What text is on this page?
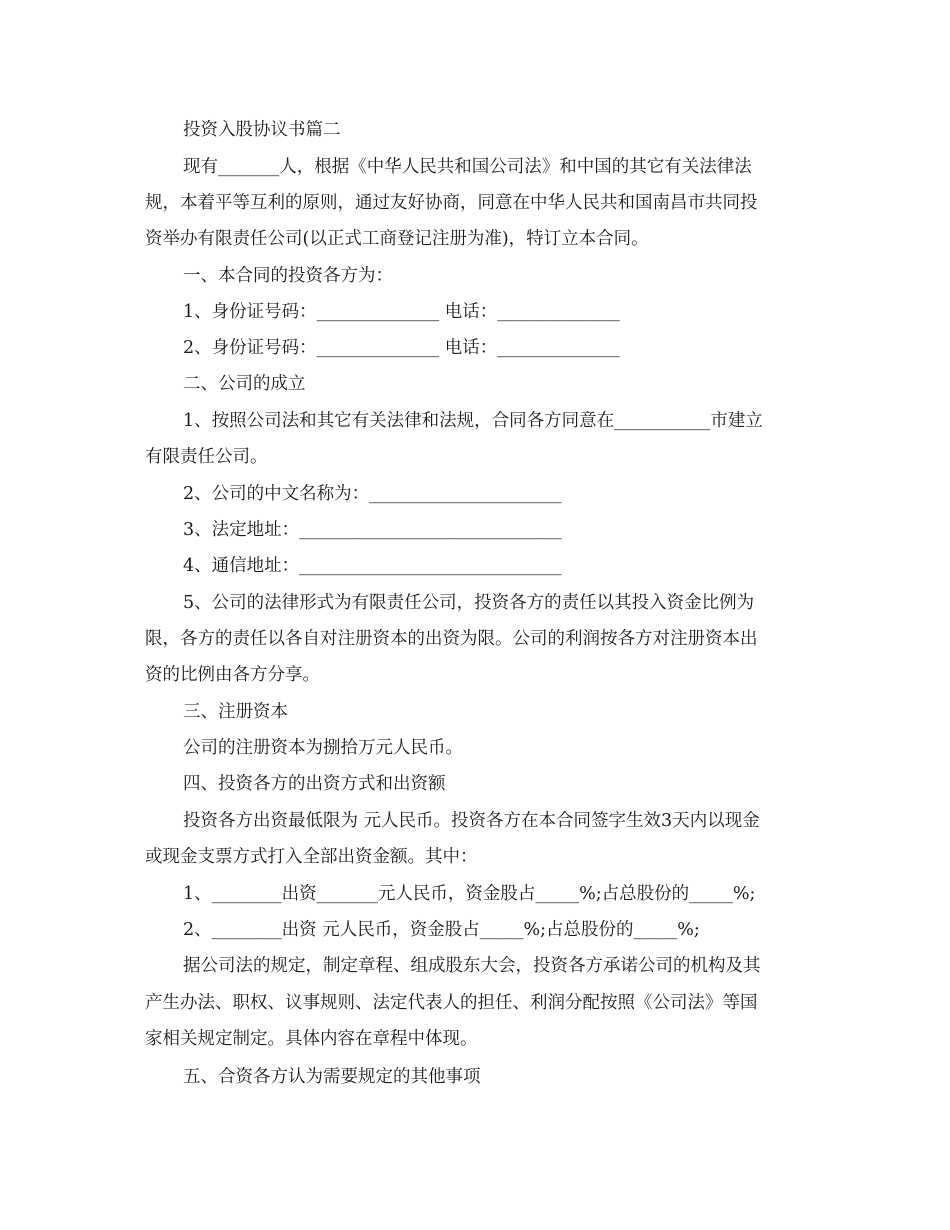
投资入股协议书篇二
现有_______人，根据《中华人民共和国公司法》和中国的其它有关法律法
规，本着平等互利的原则，通过友好协商，同意在中华人民共和国南昌市共同投
资举办有限责任公司(以正式工商登记注册为准)，特订立本合同。
一、本合同的投资各方为：
1、身份证号码：______________ 电话：______________
2、身份证号码：______________ 电话：______________
二、公司的成立
1、按照公司法和其它有关法律和法规，合同各方同意在___________市建立
有限责任公司。
2、公司的中文名称为：______________________
3、法定地址：______________________________
4、通信地址：______________________________
5、公司的法律形式为有限责任公司，投资各方的责任以其投入资金比例为
限，各方的责任以各自对注册资本的出资为限。公司的利润按各方对注册资本出
资的比例由各方分享。
三、注册资本
公司的注册资本为捌拾万元人民币。
四、投资各方的出资方式和出资额
投资各方出资最低限为 元人民币。投资各方在本合同签字生效3天内以现金
或现金支票方式打入全部出资金额。其中：
1、________出资_______元人民币，资金股占_____%;占总股份的_____%;
2、________出资 元人民币，资金股占_____%;占总股份的_____%;
据公司法的规定，制定章程、组成股东大会，投资各方承诺公司的机构及其
产生办法、职权、议事规则、法定代表人的担任、利润分配按照《公司法》等国
家相关规定制定。具体内容在章程中体现。
五、合资各方认为需要规定的其他事项
